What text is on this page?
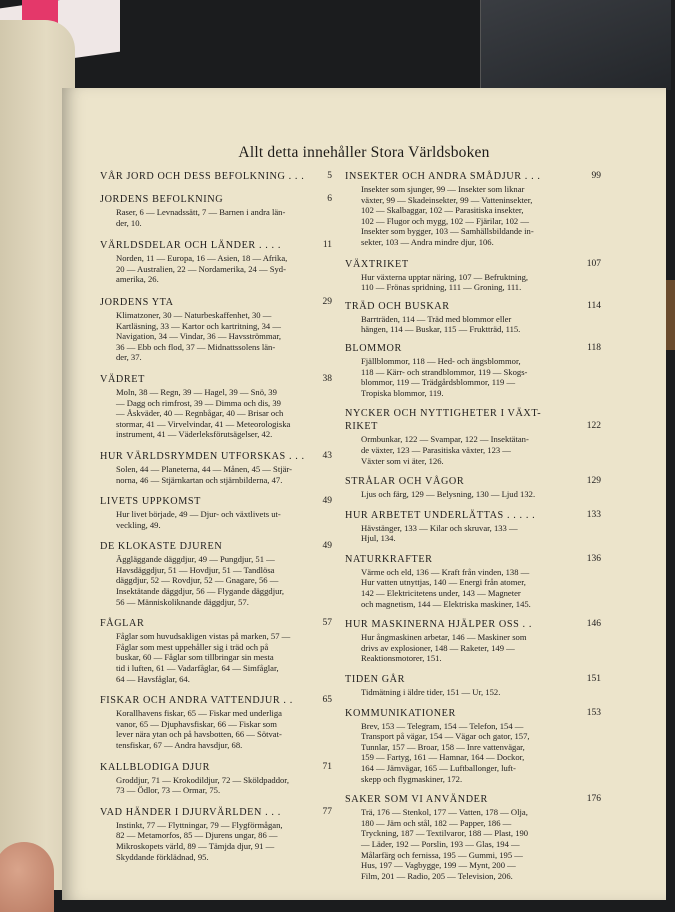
Allt detta innehåller Stora Världsboken
VÅR JORD OCH DESS BEFOLKNING . . . 5
JORDENS BEFOLKNING	6
Raser, 6 — Levnadssätt, 7 — Barnen i andra län-
der, 10.
VÄRLDSDELAR OCH LÄNDER . . . .	11
Norden, 11 — Europa, 16 — Asien, 18 — Afrika,
20 — Australien, 22 — Nordamerika, 24 — Syd-
amerika, 26.
JORDENS YTA	29
Klimatzoner, 30 — Naturbeskaffenhet, 30 —
Kartläsning, 33 — Kartor och kartritning, 34 —
Navigation, 34 — Vindar, 36 — Havsströmmar,
36 — Ebb och flod, 37 — Midnattssolens län-
der, 37.
VÄDRET	38
Moln, 38 — Regn, 39 — Hagel, 39 — Snö, 39
— Dagg och rimfrost, 39 — Dimma och dis, 39
— Åskväder, 40 — Regnbågar, 40 — Brisar och
stormar, 41 — Virvelvindar, 41 — Meteorologiska
instrument, 41 — Väderleksförutsägelser, 42.
HUR VÄRLDSRYMDEN UTFORSKAS . . . 43
Solen, 44 — Planeterna, 44 — Månen, 45 — Stjär-
norna, 46 — Stjärnkartan och stjärnbilderna, 47.
LIVETS UPPKOMST	49
Hur livet började, 49 — Djur- och växtlivets ut-
veckling, 49.
DE KLOKASTE DJUREN	49
Äggläggande däggdjur, 49 — Pungdjur, 51 —
Havsdäggdjur, 51 — Hovdjur, 51 — Tandlösa
däggdjur, 52 — Rovdjur, 52 — Gnagare, 56 —
Insektätande däggdjur, 56 — Flygande däggdjur,
56 — Människoliknande däggdjur, 57.
FÅGLAR	57
Fåglar som huvudsakligen vistas på marken, 57 —
Fåglar som mest uppehåller sig i träd och på
buskar, 60 — Fåglar som tillbringar sin mesta
tid i luften, 61 — Vadarfåglar, 64 — Simfåglar,
64 — Havsfåglar, 64.
FISKAR OCH ANDRA VATTENDJUR . .	65
Korallhavens fiskar, 65 — Fiskar med underliga
vanor, 65 — Djuphavsfiskar, 66 — Fiskar som
lever nära ytan och på havsbotten, 66 — Sötvat-
tensfiskar, 67 — Andra havsdjur, 68.
KALLBLODIGA DJUR	71
Groddjur, 71 — Krokodildjur, 72 — Sköldpaddor,
73 — Ödlor, 73 — Ormar, 75.
VAD HÄNDER I DJURVÄRLDEN . . .	77
Instinkt, 77 — Flyttningar, 79 — Flygförmågan,
82 — Metamorfos, 85 — Djurens ungar, 86 —
Mikroskopets värld, 89 — Tämjda djur, 91 —
Skyddande förklädnad, 95.
INSEKTER OCH ANDRA SMÅDJUR . . .	99
Insekter som sjunger, 99 — Insekter som liknar
växter, 99 — Skadeinsekter, 99 — Vatteninsekter,
102 — Skalbaggar, 102 — Parasitiska insekter,
102 — Flugor och mygg, 102 — Fjärilar, 102 —
Insekter som bygger, 103 — Samhällsbildande in-
sekter, 103 — Andra mindre djur, 106.
VÄXTRIKET	107
Hur växterna upptar näring, 107 — Befruktning,
110 — Frönas spridning, 111 — Groning, 111.
TRÄD OCH BUSKAR	114
Barrträden, 114 — Träd med blommor eller
hängen, 114 — Buskar, 115 — Fruktträd, 115.
BLOMMOR	118
Fjällblommor, 118 — Hed- och ängsblommor,
118 — Kärr- och strandblommor, 119 — Skogs-
blommor, 119 — Trädgårdsblommor, 119 —
Tropiska blommor, 119.
NYCKER OCH NYTTIGHETER I VÄXT-
RIKET	122
Ormbunkar, 122 — Svampar, 122 — Insektätan-
de växter, 123 — Parasitiska växter, 123 —
Växter som vi äter, 126.
STRÅLAR OCH VÅGOR	129
Ljus och färg, 129 — Belysning, 130 — Ljud 132.
HUR ARBETET UNDERLÄTTAS . . . . .	133
Hävstänger, 133 — Kilar och skruvar, 133 —
Hjul, 134.
NATURKRAFTER	136
Värme och eld, 136 — Kraft från vinden, 138 —
Hur vatten utnyttjas, 140 — Energi från atomer,
142 — Elektricitetens under, 143 — Magneter
och magnetism, 144 — Elektriska maskiner, 145.
HUR MASKINERNA HJÄLPER OSS . .	146
Hur ångmaskinen arbetar, 146 — Maskiner som
drivs av explosioner, 148 — Raketer, 149 —
Reaktionsmotorer, 151.
TIDEN GÅR	151
Tidmätning i äldre tider, 151 — Ur, 152.
KOMMUNIKATIONER	153
Brev, 153 — Telegram, 154 — Telefon, 154 —
Transport på vägar, 154 — Vägar och gator, 157,
Tunnlar, 157 — Broar, 158 — Inre vattenvägar,
159 — Fartyg, 161 — Hamnar, 164 — Dockor,
164 — Järnvägar, 165 — Luftballonger, luft-
skepp och flygmaskiner, 172.
SAKER SOM VI ANVÄNDER	176
Trä, 176 — Stenkol, 177 — Vatten, 178 — Olja,
180 — Järn och stål, 182 — Papper, 186 —
Tryckning, 187 — Textilvaror, 188 — Plast, 190
— Läder, 192 — Porslin, 193 — Glas, 194 —
Målarfärg och fernissa, 195 — Gummi, 195 —
Hus, 197 — Vagbygge, 199 — Mynt, 200 —
Film, 201 — Radio, 205 — Television, 206.
